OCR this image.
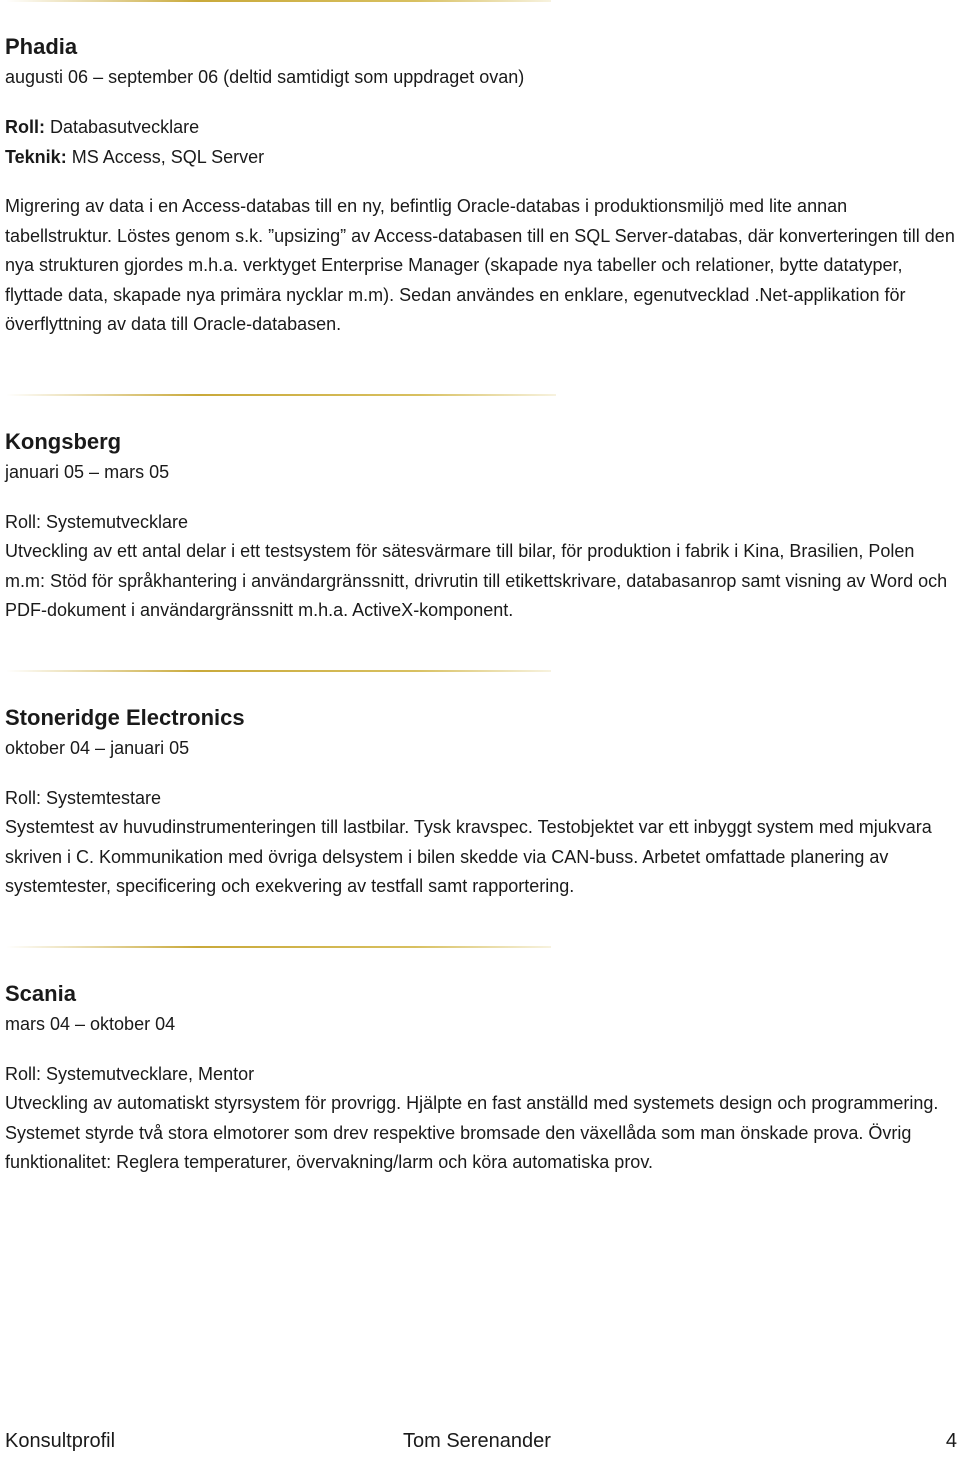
Phadia

augusti 06 – september 06 (deltid samtidigt som uppdraget ovan)

Roll: Databasutvecklare

Teknik: MS Access, SQL Server

Migrering av data i en Access-databas till en ny, befintlig Oracle-databas i produktionsmiljö med lite annan tabellstruktur. Löstes genom s.k. ”upsizing” av Access-databasen till en SQL Server-databas, där konverteringen till den nya strukturen gjordes m.h.a. verktyget Enterprise Manager (skapade nya tabeller och relationer, bytte datatyper, flyttade data, skapade nya primära nycklar m.m). Sedan användes en enklare, egenutvecklad .Net-applikation för överflyttning av data till Oracle-databasen.

Kongsberg

januari 05 – mars 05

Roll: Systemutvecklare

Utveckling av ett antal delar i ett testsystem för sätesvärmare till bilar, för produktion i fabrik i Kina, Brasilien, Polen m.m: Stöd för språkhantering i användargränssnitt, drivrutin till etikettskrivare, databasanrop samt visning av Word och PDF-dokument i användargränssnitt m.h.a. ActiveX-komponent.

Stoneridge Electronics

oktober 04 – januari 05

Roll: Systemtestare

Systemtest av huvudinstrumenteringen till lastbilar. Tysk kravspec. Testobjektet var ett inbyggt system med mjukvara skriven i C. Kommunikation med övriga delsystem i bilen skedde via CAN-buss. Arbetet omfattade planering av systemtester, specificering och exekvering av testfall samt rapportering.

Scania

mars 04 – oktober 04

Roll: Systemutvecklare, Mentor

Utveckling av automatiskt styrsystem för provrigg. Hjälpte en fast anställd med systemets design och programmering. Systemet styrde två stora elmotorer som drev respektive bromsade den växellåda som man önskade prova. Övrig funktionalitet: Reglera temperaturer, övervakning/larm och köra automatiska prov.

Konsultprofil	Tom Serenander	4
